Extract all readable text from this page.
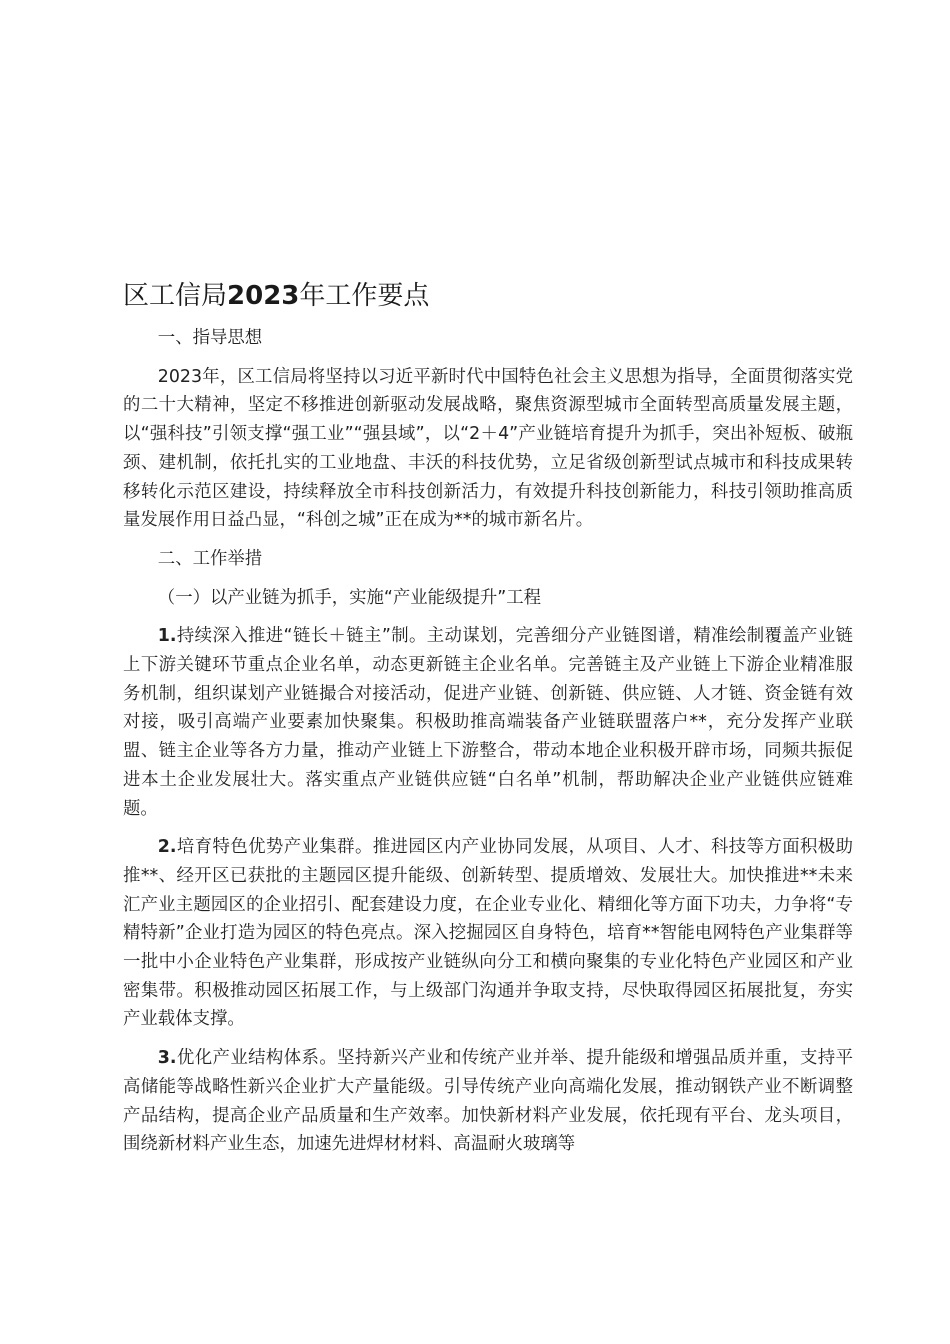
区工信局2023年工作要点

一、指导思想

2023年，区工信局将坚持以习近平新时代中国特色社会主义思想为指导，全面贯彻落实党的二十大精神，坚定不移推进创新驱动发展战略，聚焦资源型城市全面转型高质量发展主题，以“强科技”引领支撑“强工业”“强县域”，以“2＋4”产业链培育提升为抓手，突出补短板、破瓶颈、建机制，依托扎实的工业地盘、丰沃的科技优势，立足省级创新型试点城市和科技成果转移转化示范区建设，持续释放全市科技创新活力，有效提升科技创新能力，科技引领助推高质量发展作用日益凸显，“科创之城”正在成为**的城市新名片。

二、工作举措

（一）以产业链为抓手，实施“产业能级提升”工程

1.持续深入推进“链长＋链主”制。主动谋划，完善细分产业链图谱，精准绘制覆盖产业链上下游关键环节重点企业名单，动态更新链主企业名单。完善链主及产业链上下游企业精准服务机制，组织谋划产业链撮合对接活动，促进产业链、创新链、供应链、人才链、资金链有效对接，吸引高端产业要素加快聚集。积极助推高端装备产业链联盟落户**，充分发挥产业联盟、链主企业等各方力量，推动产业链上下游整合，带动本地企业积极开辟市场，同频共振促进本土企业发展壮大。落实重点产业链供应链“白名单”机制，帮助解决企业产业链供应链难题。

2.培育特色优势产业集群。推进园区内产业协同发展，从项目、人才、科技等方面积极助推**、经开区已获批的主题园区提升能级、创新转型、提质增效、发展壮大。加快推进**未来汇产业主题园区的企业招引、配套建设力度，在企业专业化、精细化等方面下功夫，力争将“专精特新”企业打造为园区的特色亮点。深入挖掘园区自身特色，培育**智能电网特色产业集群等一批中小企业特色产业集群，形成按产业链纵向分工和横向聚集的专业化特色产业园区和产业密集带。积极推动园区拓展工作，与上级部门沟通并争取支持，尽快取得园区拓展批复，夯实产业载体支撑。

3.优化产业结构体系。坚持新兴产业和传统产业并举、提升能级和增强品质并重，支持平高储能等战略性新兴企业扩大产量能级。引导传统产业向高端化发展，推动钢铁产业不断调整产品结构，提高企业产品质量和生产效率。加快新材料产业发展，依托现有平台、龙头项目，围绕新材料产业生态，加速先进焊材材料、高温耐火玻璃等
